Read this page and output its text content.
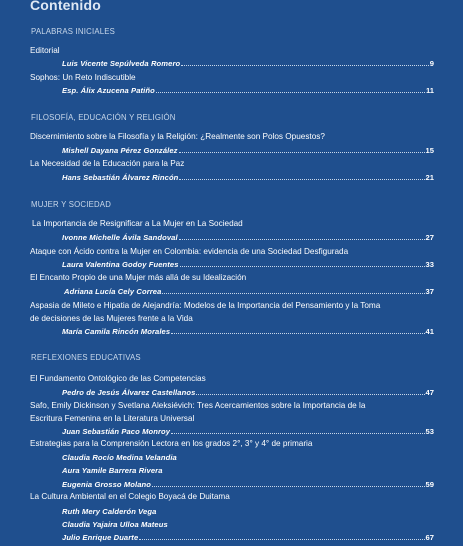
Contenido
PALABRAS INICIALES
Editorial
Luis Vicente Sepúlveda Romero	9
Sophos: Un Reto Indiscutible
Esp. Álix Azucena Patiño	11
FILOSOFÍA, EDUCACIÓN Y RELIGIÓN
Discernimiento sobre la Filosofía y la Religión: ¿Realmente son Polos Opuestos?
Mishell Dayana Pérez González	15
La Necesidad de la Educación para la Paz
Hans Sebastián Álvarez Rincón	21
MUJER Y SOCIEDAD
La Importancia de Resignificar a La Mujer en La Sociedad
Ivonne Michelle Ávila Sandoval	27
Ataque con Ácido contra la Mujer en Colombia: evidencia de una Sociedad Desfigurada
Laura Valentina Godoy Fuentes	33
El Encanto Propio de una Mujer más allá de su Idealización
Adriana Lucía Cely Correa	37
Aspasia de Mileto e Hipatia de Alejandría: Modelos de la Importancia del Pensamiento y la Toma
de decisiones de las Mujeres frente a la Vida
María Camila Rincón Morales	41
REFLEXIONES EDUCATIVAS
El Fundamento Ontológico de las Competencias
Pedro de Jesús Álvarez Castellanos	47
Safo, Emily Dickinson y Svetlana Aleksiévich: Tres Acercamientos sobre la Importancia de la
Escritura Femenina en la Literatura Universal
Juan Sebastián Paco Monroy	53
Estrategias para la Comprensión Lectora en los grados 2°, 3° y 4° de primaria
Claudia Rocío Medina Velandia
Aura Yamile Barrera Rivera
Eugenia Grosso Molano	59
La Cultura Ambiental en el Colegio Boyacá de Duitama
Ruth Mery Calderón Vega
Claudia Yajaira Ulloa Mateus
Julio Enrique Duarte	67
